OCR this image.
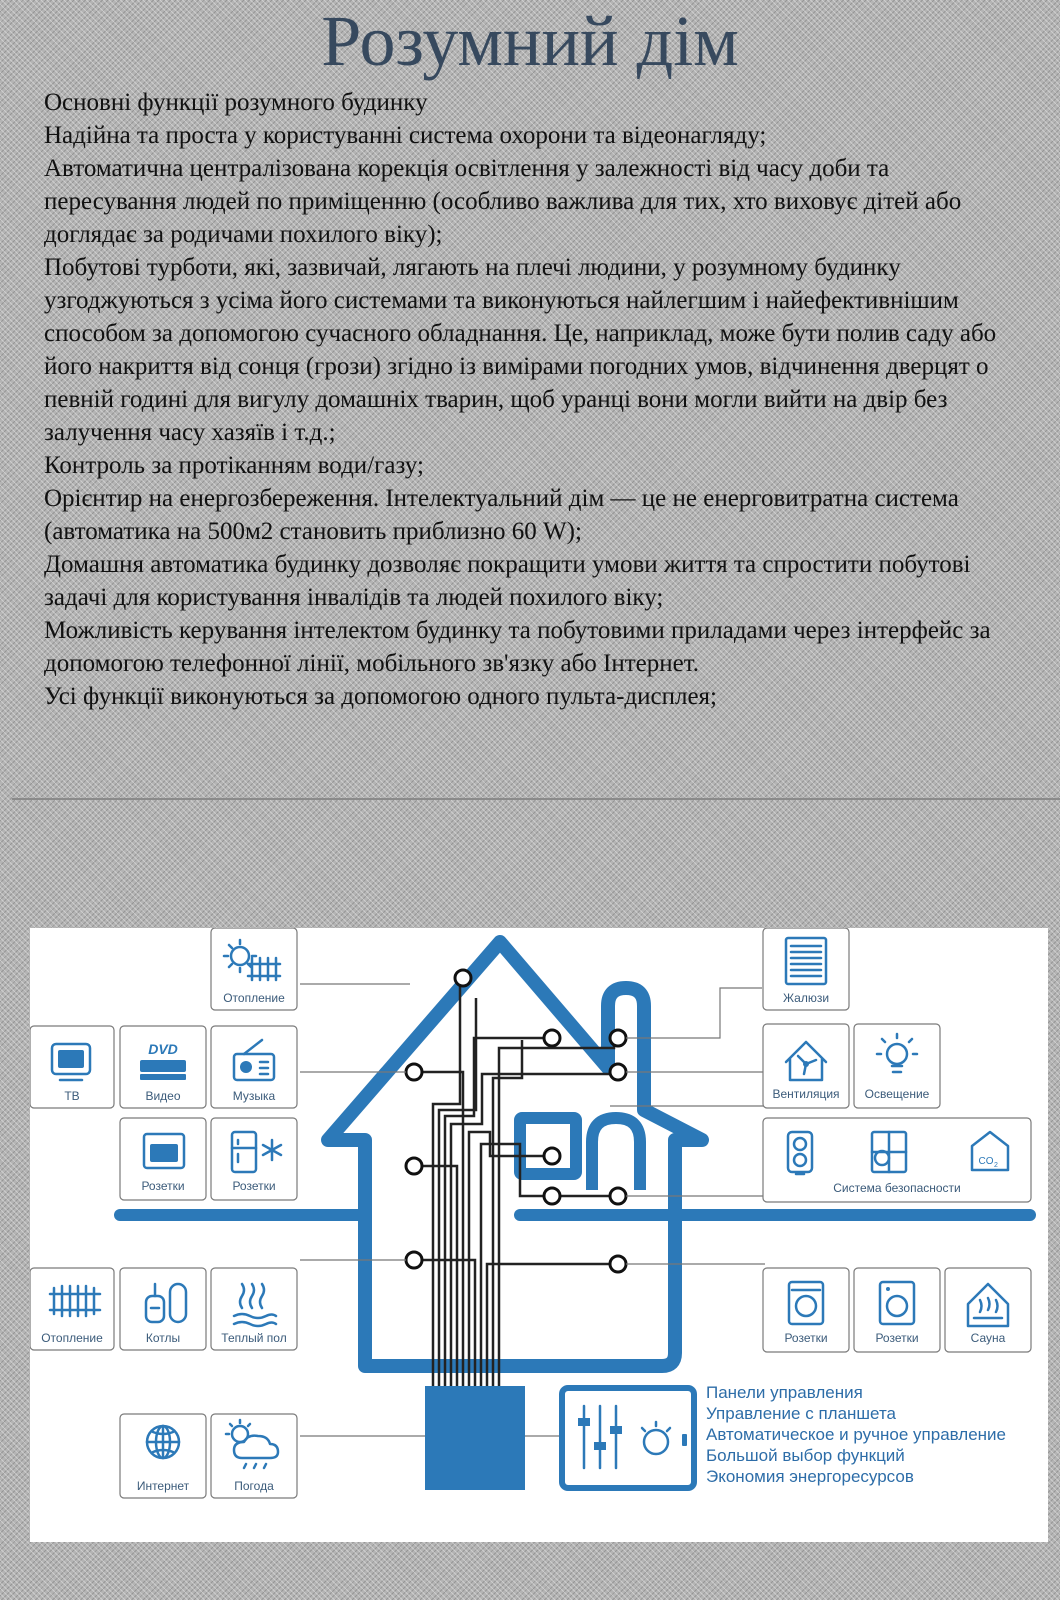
Розумний дім

Основні функції розумного будинку

Надійна та проста у користуванні система охорони та відеонагляду;

Автоматична централізована корекція освітлення у залежності від часу доби та пересування людей по приміщенню (особливо важлива для тих, хто виховує дітей або доглядає за родичами похилого віку);

Побутові турботи, які, зазвичай, лягають на плечі людини, у розумному будинку узгоджуються з усіма його системами та виконуються найлегшим і найефективнішим способом за допомогою сучасного обладнання. Це, наприклад, може бути полив саду або його накриття від сонця (грози) згідно із вимірами погодних умов, відчинення дверцят о певній годині для вигулу домашніх тварин, щоб уранці вони могли вийти на двір без залучення часу хазяїв і т.д.;

Контроль за протіканням води/газу;

Орієнтир на енергозбереження. Інтелектуальний дім — це не енерговитратна система (автоматика на 500м2 становить приблизно 60 W);

Домашня автоматика будинку дозволяє покращити умови життя та спростити побутові задачі для користування інвалідів та людей похилого віку;

Можливість керування інтелектом будинку та побутовими приладами через інтерфейс за допомогою телефонної лінії, мобільного зв'язку або Інтернет.

Усі функції виконуються за допомогою одного пульта-дисплея;

Отопление
ТВ
DVD
Видео	Музыка
Розетки	Розетки
Отопление	Котлы	Теплый пол
Интернет	Погода
Жалюзи
Вентиляция Освещение
CO 2
Система безопасности
Розетки	Розетки	Сауна
Панели управления
Управление с планшета
Автоматическое и ручное управление
Большой выбор функций
Экономия энергоресурсов
